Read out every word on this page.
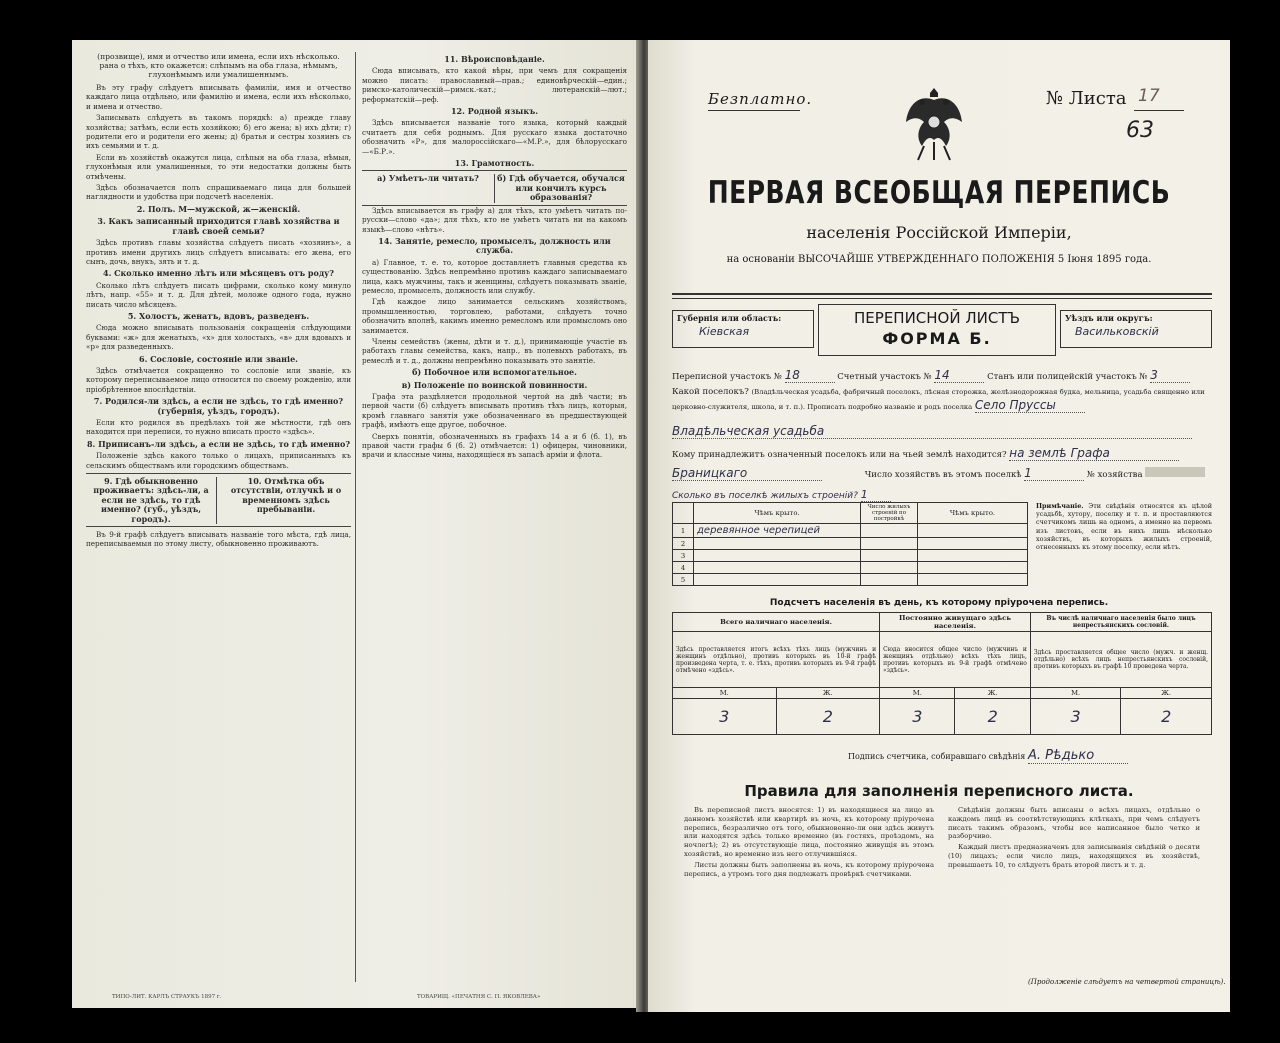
(прозвище), имя и отчество или имена, если ихъ нѣсколько.
рана о тѣхъ, кто окажется: слѣпымъ на оба глаза, нѣмымъ, глухонѣмымъ или умалишеннымъ.

Въ эту графу слѣдуетъ вписывать фамиліи, имя и отчество каждаго лица отдѣльно, или фамилію и имена, если ихъ нѣсколько, и имена и отчество.

Записывать слѣдуетъ въ такомъ порядкѣ: а) прежде главу хозяйства; затѣмъ, если есть хозяйкою; б) его жена; в) ихъ дѣти; г) родители его и родители его жены; д) братья и сестры хозяинъ съ ихъ семьями и т. д.

Если въ хозяйствѣ окажутся лица, слѣпыя на оба глаза, нѣмыя, глухонѣмыя или умалишенныя, то эти недостатки должны быть отмѣчены.

Здѣсь обозначается полъ спрашиваемаго лица для большей наглядности и удобства при подсчетѣ населенія.

2. Полъ. М—мужской, ж—женскій.
3. Какъ записанный приходится главѣ хозяйства и главѣ своей семьи?

Здѣсь противъ главы хозяйства слѣдуетъ писать «хозяинъ», а противъ имени другихъ лицъ слѣдуетъ вписывать: его жена, его сынъ, дочь, внукъ, зять и т. д.

4. Сколько именно лѣтъ или мѣсяцевъ отъ роду?

Сколько лѣтъ слѣдуетъ писать цифрами, сколько кому минуло лѣтъ, напр. «55» и т. д. Для дѣтей, моложе одного года, нужно писать число мѣсяцевъ.

5. Холостъ, женатъ, вдовъ, разведенъ.

Сюда можно вписывать пользованія сокращенія слѣдующими буквами: «ж» для женатыхъ, «х» для холостыхъ, «в» для вдовыхъ и «р» для разведенныхъ.

6. Сословіе, состояніе или званіе.

Здѣсь отмѣчается сокращенно то сословіе или званіе, къ которому переписываемое лицо относится по своему рожденію, или пріобрѣтенное впослѣдствіи.

7. Родился-ли здѣсь, а если не здѣсь, то гдѣ именно? (губернія, уѣздъ, городъ).

Если кто родился въ предѣлахъ той же мѣстности, гдѣ онъ находится при переписи, то нужно вписать просто «здѣсь».

8. Приписанъ-ли здѣсь, а если не здѣсь, то гдѣ именно?

Положеніе здѣсь какого только о лицахъ, приписанныхъ къ сельскимъ обществамъ или городскимъ обществамъ.

9. Гдѣ обыкновенно проживаетъ: здѣсь-ли, а если не здѣсь, то гдѣ именно? (губ., уѣздъ, городъ).
10. Отмѣтка объ отсутствіи, отлучкѣ и о временномъ здѣсь пребываніи.

Въ 9-й графѣ слѣдуетъ вписывать названіе того мѣста, гдѣ лица, переписываемыя по этому листу, обыкновенно проживаютъ.

11. Вѣроисповѣданіе.

Сюда вписывать, кто какой вѣры, при чемъ для сокращенія можно писать: православный—прав.; единовѣрческій—един.; римско-католическій—римск.-кат.; лютеранскій—лют.; реформатскій—реф.

12. Родной языкъ.

Здѣсь вписывается названіе того языка, который каждый считаетъ для себя роднымъ. Для русскаго языка достаточно обозначить «Р», для малороссійскаго—«М.Р.», для бѣлорусскаго—«Б.Р.».

13. Грамотность.
а) Умѣетъ-ли читать?	б) Гдѣ обучается, обучался или кончилъ курсъ образованія?

Здѣсь вписывается въ графу а) для тѣхъ, кто умѣетъ читать по-русски—слово «да»; для тѣхъ, кто не умѣетъ читать ни на какомъ языкѣ—слово «нѣтъ».

14. Занятіе, ремесло, промыселъ, должность или служба.

а) Главное, т. е. то, которое доставляетъ главныя средства къ существованію. Здѣсь непремѣнно противъ каждаго записываемаго лица, какъ мужчины, такъ и женщины, слѣдуетъ показывать званіе, ремесло, промыселъ, должность или службу.

Гдѣ каждое лицо занимается сельскимъ хозяйствомъ, промышленностью, торговлею, работами, слѣдуетъ точно обозначить вполнѣ, какимъ именно ремесломъ или промысломъ оно занимается.

Члены семействъ (жены, дѣти и т. д.), принимающіе участіе въ работахъ главы семейства, какъ, напр., въ полевыхъ работахъ, въ ремеслѣ и т. д., должны непремѣнно показывать это занятіе.

б) Побочное или вспомогательное.
в) Положеніе по воинской повинности.

Графа эта раздѣляется продольной чертой на двѣ части; въ первой части (б) слѣдуетъ вписывать противъ тѣхъ лицъ, которыя, кромѣ главнаго занятія уже обозначеннаго въ предшествующей графѣ, имѣютъ еще другое, побочное.

Сверхъ понятія, обозначенныхъ въ графахъ 14 а и б (б. 1), въ правой части графы б (б. 2) отмѣчается: 1) офицеры, чиновники, врачи и классные чины, находящіеся въ запасѣ арміи и флота.

ТИПО-ЛИТ. КАРЛЪ СТРАУКЪ 1897 г.	ТОВАРИЩ. «ПЕЧАТНЯ С. П. ЯКОВЛЕВА»
Безплатно.	№ Листа 17
63
ПЕРВАЯ ВСЕОБЩАЯ ПЕРЕПИСЬ
населенія Россійской Имперіи,
на основаніи ВЫСОЧАЙШЕ УТВЕРЖДЕННАГО ПОЛОЖЕНІЯ 5 Іюня 1895 года.
ПЕРЕПИСНОЙ ЛИСТЪ
ФОРМА Б.
Губернія или область:
Кіевская
Уѣздъ или округъ:
Васильковскій
Переписной участокъ № 18	Счетный участокъ № 14	Станъ или полицейскій участокъ № 3
Какой поселокъ? (Владѣльческая усадьба, фабричный поселокъ, лѣсная сторожка, желѣзнодорожная будка, мельница, усадьба священно или церковно-служителя, школа, и т. п.). Прописать подробно названіе и родъ поселка Село Пруссы
Владѣльческая усадьба
Кому принадлежитъ означенный поселокъ или на чьей землѣ находится? на землѣ Графа
Браницкаго	Число хозяйствъ въ этомъ поселкѣ 1	№ хозяйства
Сколько въ поселкѣ жилыхъ строеній? 1
	Чѣмъ крыто.	Число жилыхъ строеній по постройкѣ	Чѣмъ крыто.
1	деревянное черепицей		
2			
3			
4			
5			
Примѣчаніе. Эти свѣдѣнія относятся къ цѣлой усадьбѣ, хутору, поселку и т. п. и проставляются счетчикомъ лишь на одномъ, а именно на первомъ изъ листовъ, если въ нихъ лишь нѣсколько хозяйствъ, въ которыхъ жилыхъ строеній, отнесенныхъ къ этому поселку, если нѣтъ.
Подсчетъ населенія въ день, къ которому пріурочена перепись.
Всего наличнаго населенія.		Постоянно живущаго здѣсь населенія.		Въ числѣ наличнаго населенія было лицъ непрестьянскихъ сословій.	
Здѣсь проставляется итогъ всѣхъ тѣхъ лицъ (мужчинъ и женщинъ отдѣльно), противъ которыхъ въ 10-й графѣ произведена черта, т. е. тѣхъ, противъ которыхъ въ 9-й графѣ отмѣчено «здѣсь».		Сюда вносится общее число (мужчинъ и женщинъ отдѣльно) всѣхъ тѣхъ лицъ, противъ которыхъ въ 9-й графѣ отмѣчено «здѣсь».		Здѣсь проставляется общее число (мужч. и женщ. отдѣльно) всѣхъ лицъ непрестьянскихъ сословій, противъ которыхъ въ графѣ 10 проведена черта.	
М.	Ж.	М.	Ж.	М.	Ж.
3	2	3	2	3	2
Подпись счетчика, собиравшаго свѣдѣнія А. Рѣдько
Правила для заполненія переписного листа.

Въ переписной листъ вносятся: 1) въ находящиеся на лицо въ данномъ хозяйствѣ или квартирѣ въ ночь, къ которому пріурочена перепись, безразлично отъ того, обыкновенно-ли они здѣсь живутъ или находятся здѣсь только временно (въ гостяхъ, проѣздомъ, на ночлегѣ); 2) въ отсутствующіе лица, постоянно живущія въ этомъ хозяйствѣ, но временно изъ него отлучившіяся.

Листы должны быть заполнены въ ночь, къ которому пріурочена перепись, а утромъ того дня подлежатъ провѣркѣ счетчиками.

Свѣдѣнія должны быть вписаны о всѣхъ лицахъ, отдѣльно о каждомъ лицѣ въ соотвѣтствующихъ клѣткахъ, при чемъ слѣдуетъ писать такимъ образомъ, чтобы все написанное было четко и разборчиво.

Каждый листъ предназначенъ для записыванія свѣдѣній о десяти (10) лицахъ; если число лицъ, находящихся въ хозяйствѣ, превышаетъ 10, то слѣдуетъ брать второй листъ и т. д.

(Продолженіе слѣдуетъ на четвертой страницѣ).
